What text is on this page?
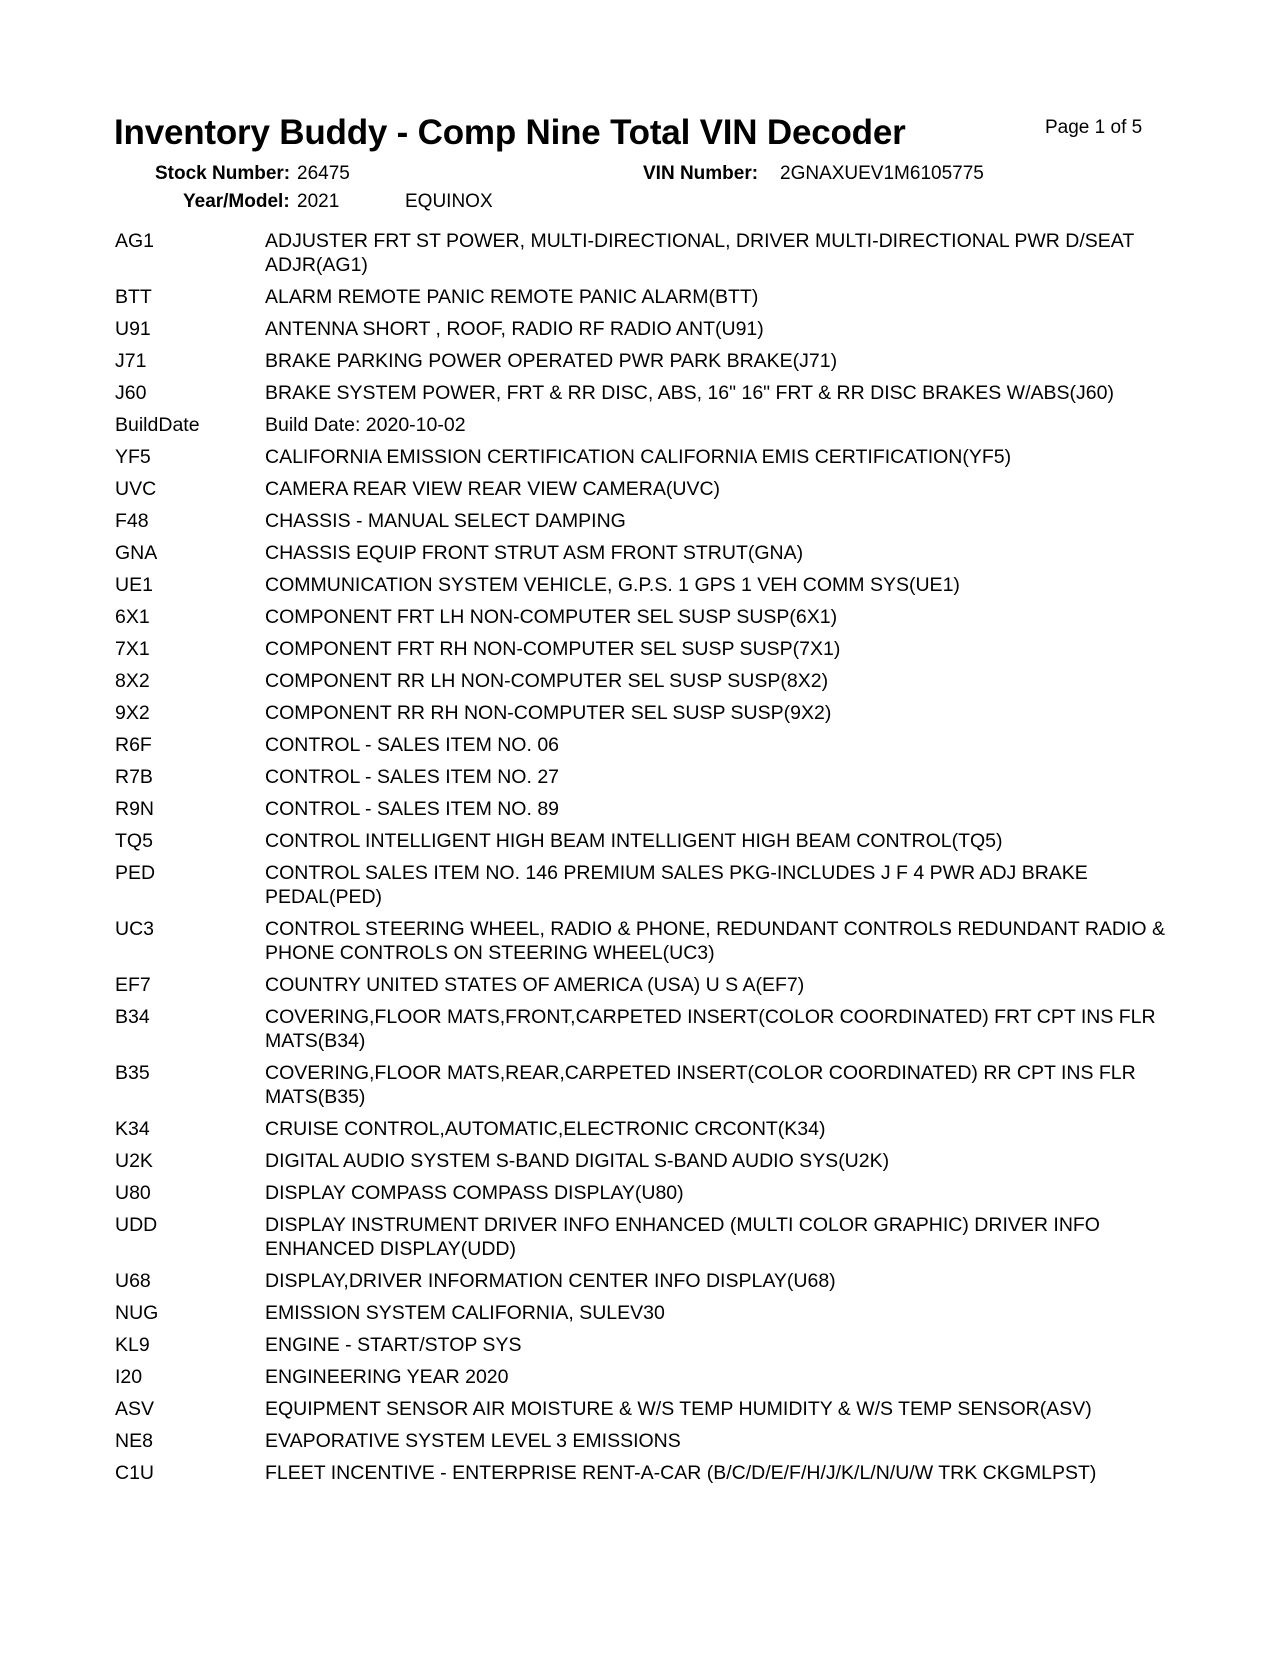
Inventory Buddy - Comp Nine Total VIN Decoder	Page 1 of 5
Stock Number: 26475	VIN Number: 2GNAXUEV1M6105775
Year/Model: 2021	EQUINOX
AG1	ADJUSTER FRT ST POWER, MULTI-DIRECTIONAL, DRIVER MULTI-DIRECTIONAL PWR D/SEAT ADJR(AG1)
BTT	ALARM REMOTE PANIC REMOTE PANIC ALARM(BTT)
U91	ANTENNA SHORT , ROOF, RADIO RF RADIO ANT(U91)
J71	BRAKE PARKING POWER OPERATED PWR PARK BRAKE(J71)
J60	BRAKE SYSTEM POWER, FRT & RR DISC, ABS, 16" 16" FRT & RR DISC BRAKES W/ABS(J60)
BuildDate	Build Date: 2020-10-02
YF5	CALIFORNIA EMISSION CERTIFICATION CALIFORNIA EMIS CERTIFICATION(YF5)
UVC	CAMERA REAR VIEW REAR VIEW CAMERA(UVC)
F48	CHASSIS - MANUAL SELECT DAMPING
GNA	CHASSIS EQUIP FRONT STRUT ASM FRONT STRUT(GNA)
UE1	COMMUNICATION SYSTEM VEHICLE, G.P.S. 1 GPS 1 VEH COMM SYS(UE1)
6X1	COMPONENT FRT LH NON-COMPUTER SEL SUSP SUSP(6X1)
7X1	COMPONENT FRT RH NON-COMPUTER SEL SUSP SUSP(7X1)
8X2	COMPONENT RR LH NON-COMPUTER SEL SUSP SUSP(8X2)
9X2	COMPONENT RR RH NON-COMPUTER SEL SUSP SUSP(9X2)
R6F	CONTROL - SALES ITEM NO. 06
R7B	CONTROL - SALES ITEM NO. 27
R9N	CONTROL - SALES ITEM NO. 89
TQ5	CONTROL INTELLIGENT HIGH BEAM INTELLIGENT HIGH BEAM CONTROL(TQ5)
PED	CONTROL SALES ITEM NO. 146 PREMIUM SALES PKG-INCLUDES J F 4 PWR ADJ BRAKE PEDAL(PED)
UC3	CONTROL STEERING WHEEL, RADIO & PHONE, REDUNDANT CONTROLS REDUNDANT RADIO & PHONE CONTROLS ON STEERING WHEEL(UC3)
EF7	COUNTRY UNITED STATES OF AMERICA (USA) U S A(EF7)
B34	COVERING,FLOOR MATS,FRONT,CARPETED INSERT(COLOR COORDINATED) FRT CPT INS FLR MATS(B34)
B35	COVERING,FLOOR MATS,REAR,CARPETED INSERT(COLOR COORDINATED) RR CPT INS FLR MATS(B35)
K34	CRUISE CONTROL,AUTOMATIC,ELECTRONIC CRCONT(K34)
U2K	DIGITAL AUDIO SYSTEM S-BAND DIGITAL S-BAND AUDIO SYS(U2K)
U80	DISPLAY COMPASS COMPASS DISPLAY(U80)
UDD	DISPLAY INSTRUMENT DRIVER INFO ENHANCED (MULTI COLOR GRAPHIC) DRIVER INFO ENHANCED DISPLAY(UDD)
U68	DISPLAY,DRIVER INFORMATION CENTER INFO DISPLAY(U68)
NUG	EMISSION SYSTEM CALIFORNIA, SULEV30
KL9	ENGINE - START/STOP SYS
I20	ENGINEERING YEAR 2020
ASV	EQUIPMENT SENSOR AIR MOISTURE & W/S TEMP HUMIDITY & W/S TEMP SENSOR(ASV)
NE8	EVAPORATIVE SYSTEM LEVEL 3 EMISSIONS
C1U	FLEET INCENTIVE - ENTERPRISE RENT-A-CAR (B/C/D/E/F/H/J/K/L/N/U/W TRK CKGMLPST)
